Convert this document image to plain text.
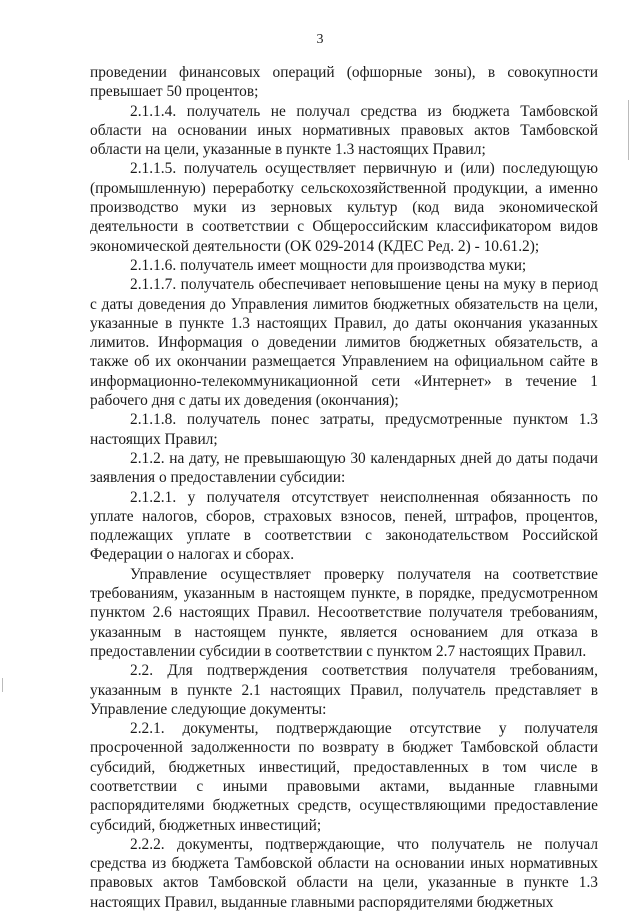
3

проведении финансовых операций (офшорные зоны), в совокупности превышает 50 процентов;

2.1.1.4. получатель не получал средства из бюджета Тамбовской области на основании иных нормативных правовых актов Тамбовской области на цели, указанные в пункте 1.3 настоящих Правил;

2.1.1.5. получатель осуществляет первичную и (или) последующую (промышленную) переработку сельскохозяйственной продукции, а именно производство муки из зерновых культур (код вида экономической деятельности в соответствии с Общероссийским классификатором видов экономической деятельности (ОК 029-2014 (КДЕС Ред. 2) - 10.61.2);

2.1.1.6. получатель имеет мощности для производства муки;

2.1.1.7. получатель обеспечивает неповышение цены на муку в период с даты доведения до Управления лимитов бюджетных обязательств на цели, указанные в пункте 1.3 настоящих Правил, до даты окончания указанных лимитов. Информация о доведении лимитов бюджетных обязательств, а также об их окончании размещается Управлением на официальном сайте в информационно-телекоммуникационной сети «Интернет» в течение 1 рабочего дня с даты их доведения (окончания);

2.1.1.8. получатель понес затраты, предусмотренные пунктом 1.3 настоящих Правил;

2.1.2. на дату, не превышающую 30 календарных дней до даты подачи заявления о предоставлении субсидии:

2.1.2.1. у получателя отсутствует неисполненная обязанность по уплате налогов, сборов, страховых взносов, пеней, штрафов, процентов, подлежащих уплате в соответствии с законодательством Российской Федерации о налогах и сборах.

Управление осуществляет проверку получателя на соответствие требованиям, указанным в настоящем пункте, в порядке, предусмотренном пунктом 2.6 настоящих Правил. Несоответствие получателя требованиям, указанным в настоящем пункте, является основанием для отказа в предоставлении субсидии в соответствии с пунктом 2.7 настоящих Правил.

2.2. Для подтверждения соответствия получателя требованиям, указанным в пункте 2.1 настоящих Правил, получатель представляет в Управление следующие документы:

2.2.1. документы, подтверждающие отсутствие у получателя просроченной задолженности по возврату в бюджет Тамбовской области субсидий, бюджетных инвестиций, предоставленных в том числе в соответствии с иными правовыми актами, выданные главными распорядителями бюджетных средств, осуществляющими предоставление субсидий, бюджетных инвестиций;

2.2.2. документы, подтверждающие, что получатель не получал средства из бюджета Тамбовской области на основании иных нормативных правовых актов Тамбовской области на цели, указанные в пункте 1.3 настоящих Правил, выданные главными распорядителями бюджетных
